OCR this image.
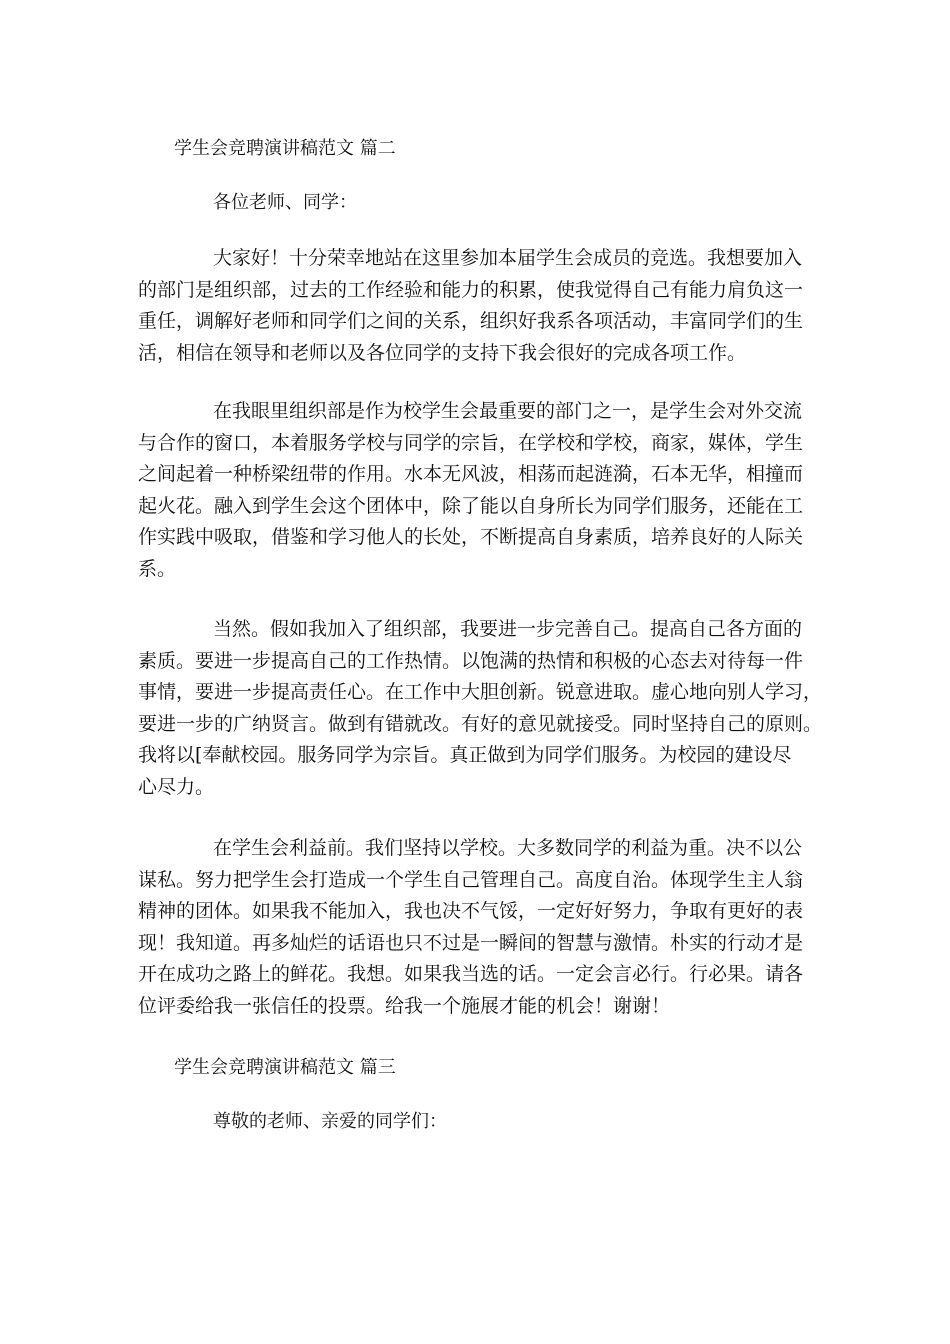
学生会竞聘演讲稿范文 篇二
各位老师、同学：
大家好！十分荣幸地站在这里参加本届学生会成员的竞选。我想要加入
的部门是组织部，过去的工作经验和能力的积累，使我觉得自己有能力肩负这一
重任，调解好老师和同学们之间的关系，组织好我系各项活动，丰富同学们的生
活，相信在领导和老师以及各位同学的支持下我会很好的完成各项工作。
在我眼里组织部是作为校学生会最重要的部门之一，是学生会对外交流
与合作的窗口，本着服务学校与同学的宗旨，在学校和学校，商家，媒体，学生
之间起着一种桥梁纽带的作用。水本无风波，相荡而起涟漪，石本无华，相撞而
起火花。融入到学生会这个团体中，除了能以自身所长为同学们服务，还能在工
作实践中吸取，借鉴和学习他人的长处，不断提高自身素质，培养良好的人际关
系。
当然。假如我加入了组织部，我要进一步完善自己。提高自己各方面的
素质。要进一步提高自己的工作热情。以饱满的热情和积极的心态去对待每一件
事情，要进一步提高责任心。在工作中大胆创新。锐意进取。虚心地向别人学习，
要进一步的广纳贤言。做到有错就改。有好的意见就接受。同时坚持自己的原则。
我将以[奉献校园。服务同学为宗旨。真正做到为同学们服务。为校园的建设尽
心尽力。
在学生会利益前。我们坚持以学校。大多数同学的利益为重。决不以公
谋私。努力把学生会打造成一个学生自己管理自己。高度自治。体现学生主人翁
精神的团体。如果我不能加入，我也决不气馁，一定好好努力，争取有更好的表
现！我知道。再多灿烂的话语也只不过是一瞬间的智慧与激情。朴实的行动才是
开在成功之路上的鲜花。我想。如果我当选的话。一定会言必行。行必果。请各
位评委给我一张信任的投票。给我一个施展才能的机会！谢谢！
学生会竞聘演讲稿范文 篇三
尊敬的老师、亲爱的同学们：
